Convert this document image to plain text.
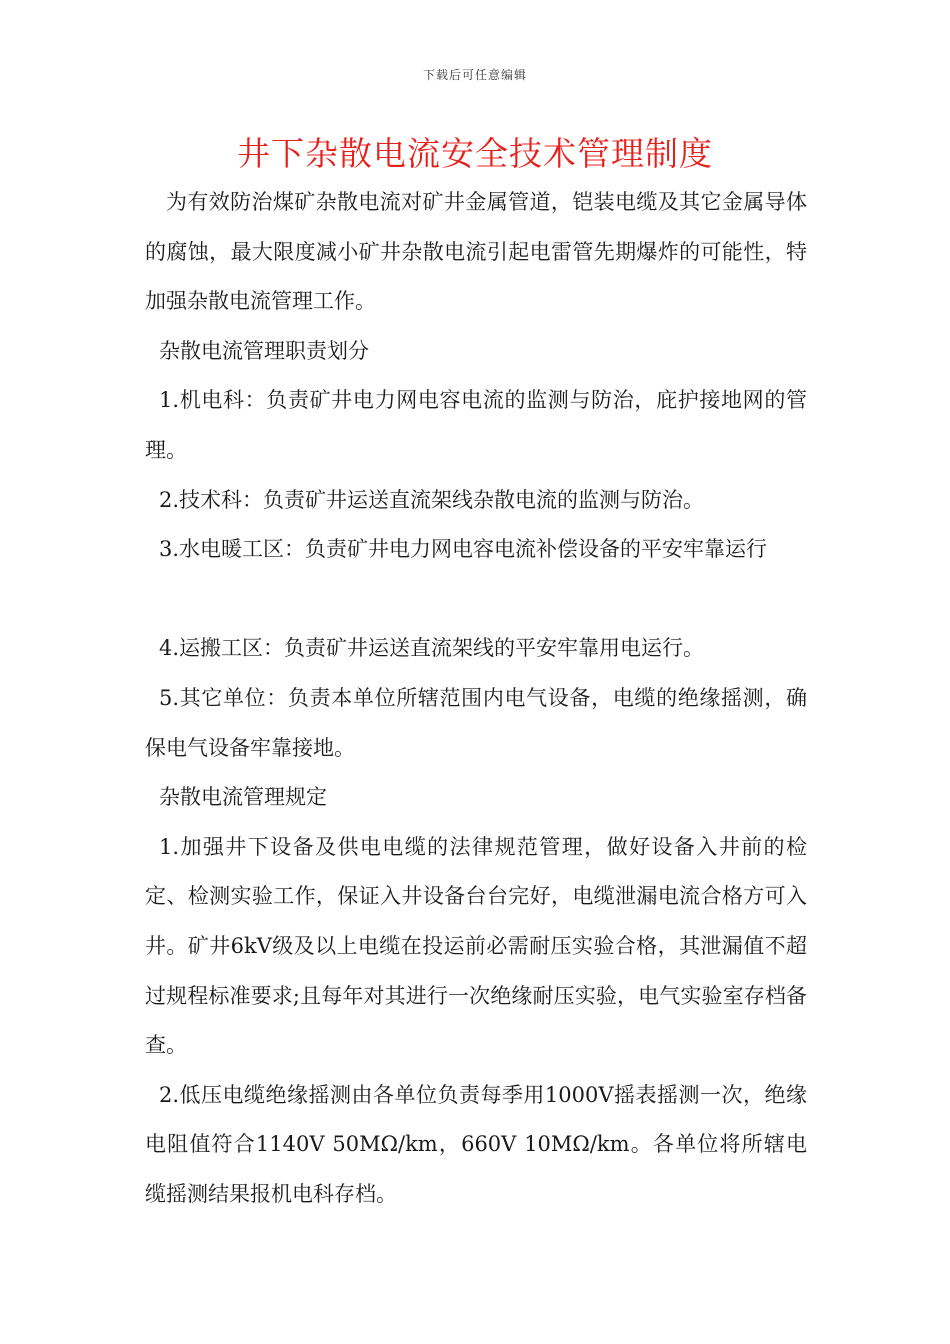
下载后可任意编辑
井下杂散电流安全技术管理制度

为有效防治煤矿杂散电流对矿井金属管道，铠装电缆及其它金属导体的腐蚀，最大限度减小矿井杂散电流引起电雷管先期爆炸的可能性，特加强杂散电流管理工作。

杂散电流管理职责划分

1.机电科：负责矿井电力网电容电流的监测与防治，庇护接地网的管理。

2.技术科：负责矿井运送直流架线杂散电流的监测与防治。

3.水电暖工区：负责矿井电力网电容电流补偿设备的平安牢靠运行

4.运搬工区：负责矿井运送直流架线的平安牢靠用电运行。

5.其它单位：负责本单位所辖范围内电气设备，电缆的绝缘摇测，确保电气设备牢靠接地。

杂散电流管理规定

1.加强井下设备及供电电缆的法律规范管理，做好设备入井前的检定、检测实验工作，保证入井设备台台完好，电缆泄漏电流合格方可入井。矿井6kV级及以上电缆在投运前必需耐压实验合格，其泄漏值不超过规程标准要求;且每年对其进行一次绝缘耐压实验，电气实验室存档备查。

2.低压电缆绝缘摇测由各单位负责每季用1000V摇表摇测一次，绝缘电阻值符合1140V 50MΩ/km，660V 10MΩ/km。各单位将所辖电缆摇测结果报机电科存档。
